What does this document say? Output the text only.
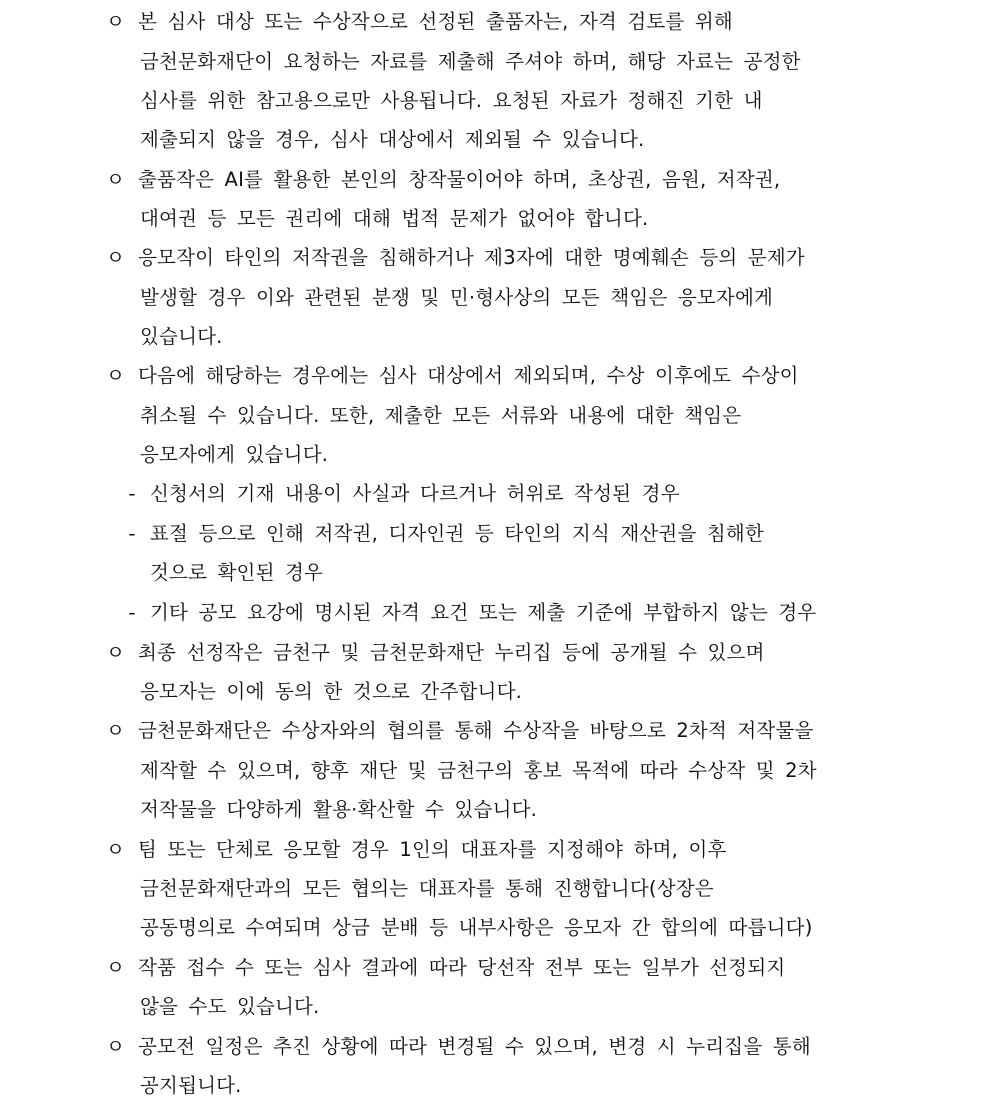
ㅇ 본 심사 대상 또는 수상작으로 선정된 출품자는, 자격 검토를 위해
금천문화재단이 요청하는 자료를 제출해 주셔야 하며, 해당 자료는 공정한
심사를 위한 참고용으로만 사용됩니다. 요청된 자료가 정해진 기한 내
제출되지 않을 경우, 심사 대상에서 제외될 수 있습니다.
ㅇ 출품작은 AI를 활용한 본인의 창작물이어야 하며, 초상권, 음원, 저작권,
대여권 등 모든 권리에 대해 법적 문제가 없어야 합니다.
ㅇ 응모작이 타인의 저작권을 침해하거나 제3자에 대한 명예훼손 등의 문제가
발생할 경우 이와 관련된 분쟁 및 민·형사상의 모든 책임은 응모자에게
있습니다.
ㅇ 다음에 해당하는 경우에는 심사 대상에서 제외되며, 수상 이후에도 수상이
취소될 수 있습니다. 또한, 제출한 모든 서류와 내용에 대한 책임은
응모자에게 있습니다.
- 신청서의 기재 내용이 사실과 다르거나 허위로 작성된 경우
- 표절 등으로 인해 저작권, 디자인권 등 타인의 지식 재산권을 침해한
것으로 확인된 경우
- 기타 공모 요강에 명시된 자격 요건 또는 제출 기준에 부합하지 않는 경우
ㅇ 최종 선정작은 금천구 및 금천문화재단 누리집 등에 공개될 수 있으며
응모자는 이에 동의 한 것으로 간주합니다.
ㅇ 금천문화재단은 수상자와의 협의를 통해 수상작을 바탕으로 2차적 저작물을
제작할 수 있으며, 향후 재단 및 금천구의 홍보 목적에 따라 수상작 및 2차
저작물을 다양하게 활용·확산할 수 있습니다.
ㅇ 팀 또는 단체로 응모할 경우 1인의 대표자를 지정해야 하며, 이후
금천문화재단과의 모든 협의는 대표자를 통해 진행합니다(상장은
공동명의로 수여되며 상금 분배 등 내부사항은 응모자 간 합의에 따릅니다)
ㅇ 작품 접수 수 또는 심사 결과에 따라 당선작 전부 또는 일부가 선정되지
않을 수도 있습니다.
ㅇ 공모전 일정은 추진 상황에 따라 변경될 수 있으며, 변경 시 누리집을 통해
공지됩니다.
